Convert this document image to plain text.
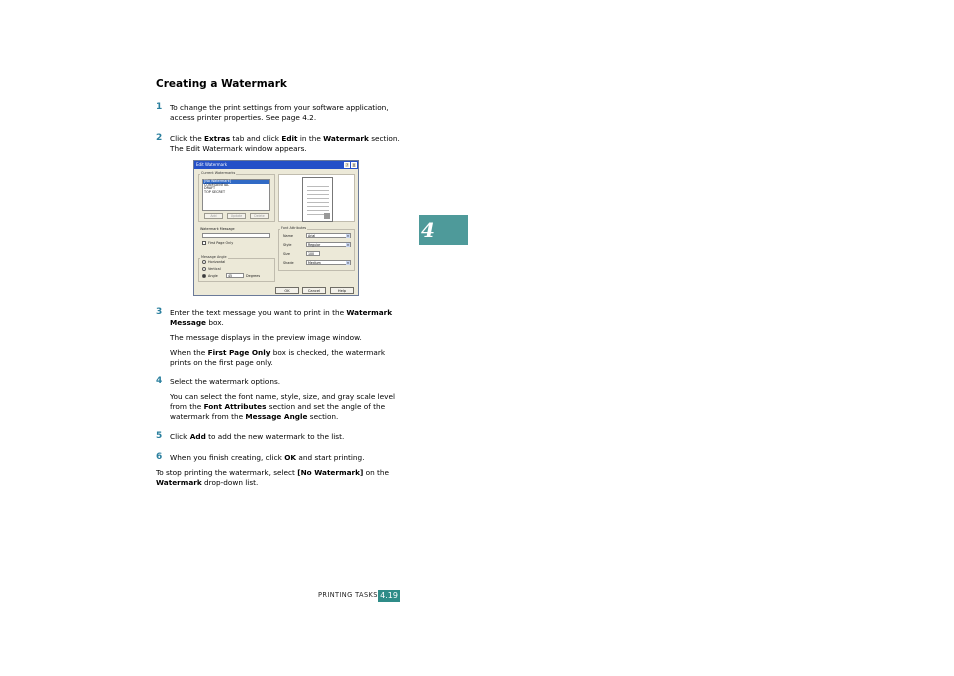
Creating a Watermark
1 To change the print settings from your software application, access printer properties. See page 4.2.
2 Click the Extras tab and click Edit in the Watermark section. The Edit Watermark window appears.
Edit Watermark	?	X
Current Watermarks
[No Watermark]
CONFIDENTIAL
DRAFT
TOP SECRET
Add	Update	Delete
Watermark Message
First Page Only
Message Angle
Horizontal
Vertical
Angle	45	Degrees
Font Attributes
Name	Arial	▾
Style	Regular	▾
Size	100
Shade	Medium	▾
OK	Cancel	Help
3 Enter the text message you want to print in the Watermark Message box.
The message displays in the preview image window.
When the First Page Only box is checked, the watermark prints on the first page only.
4 Select the watermark options.
You can select the font name, style, size, and gray scale level from the Font Attributes section and set the angle of the watermark from the Message Angle section.
5 Click Add to add the new watermark to the list.
6 When you finish creating, click OK and start printing.
To stop printing the watermark, select [No Watermark] on the Watermark drop-down list.
4
PRINTING TASKS 4.19
